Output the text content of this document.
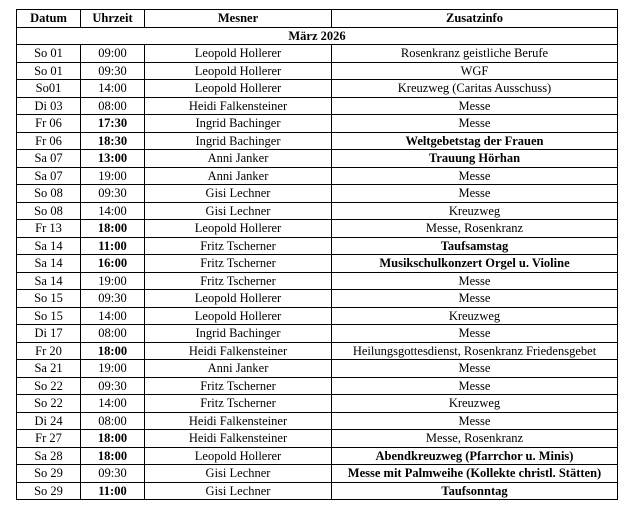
Datum	Uhrzeit	Mesner	Zusatzinfo
März 2026			
So 01	09:00	Leopold Hollerer	Rosenkranz geistliche Berufe
So 01	09:30	Leopold Hollerer	WGF
So01	14:00	Leopold Hollerer	Kreuzweg (Caritas Ausschuss)
Di 03	08:00	Heidi Falkensteiner	Messe
Fr 06	17:30	Ingrid Bachinger	Messe
Fr 06	18:30	Ingrid Bachinger	Weltgebetstag der Frauen
Sa 07	13:00	Anni Janker	Trauung Hörhan
Sa 07	19:00	Anni Janker	Messe
So 08	09:30	Gisi Lechner	Messe
So 08	14:00	Gisi Lechner	Kreuzweg
Fr 13	18:00	Leopold Hollerer	Messe, Rosenkranz
Sa 14	11:00	Fritz Tscherner	Taufsamstag
Sa 14	16:00	Fritz Tscherner	Musikschulkonzert Orgel u. Violine
Sa 14	19:00	Fritz Tscherner	Messe
So 15	09:30	Leopold Hollerer	Messe
So 15	14:00	Leopold Hollerer	Kreuzweg
Di 17	08:00	Ingrid Bachinger	Messe
Fr 20	18:00	Heidi Falkensteiner	Heilungsgottesdienst, Rosenkranz Friedensgebet
Sa 21	19:00	Anni Janker	Messe
So 22	09:30	Fritz Tscherner	Messe
So 22	14:00	Fritz Tscherner	Kreuzweg
Di 24	08:00	Heidi Falkensteiner	Messe
Fr 27	18:00	Heidi Falkensteiner	Messe, Rosenkranz
Sa 28	18:00	Leopold Hollerer	Abendkreuzweg (Pfarrchor u. Minis)
So 29	09:30	Gisi Lechner	Messe mit Palmweihe (Kollekte christl. Stätten)
So 29	11:00	Gisi Lechner	Taufsonntag
